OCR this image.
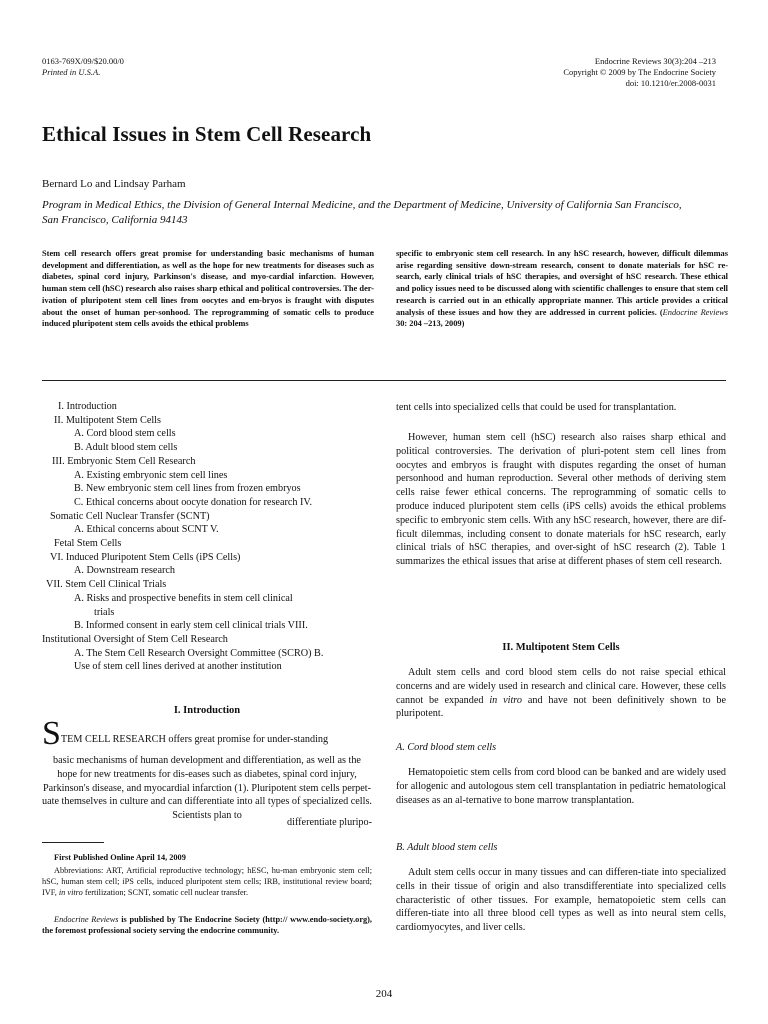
0163-769X/09/$20.00/0
Printed in U.S.A.
Endocrine Reviews 30(3):204 –213
Copyright © 2009 by The Endocrine Society
doi: 10.1210/er.2008-0031
Ethical Issues in Stem Cell Research
Bernard Lo and Lindsay Parham
Program in Medical Ethics, the Division of General Internal Medicine, and the Department of Medicine, University of California San Francisco, San Francisco, California 94143
Stem cell research offers great promise for understanding basic mechanisms of human development and differentiation, as well as the hope for new treatments for diseases such as diabetes, spinal cord injury, Parkinson's disease, and myo-cardial infarction. However, human stem cell (hSC) research also raises sharp ethical and political controversies. The der-ivation of pluripotent stem cell lines from oocytes and em-bryos is fraught with disputes about the onset of human per-sonhood. The reprogramming of somatic cells to produce induced pluripotent stem cells avoids the ethical problems
specific to embryonic stem cell research. In any hSC research, however, difficult dilemmas arise regarding sensitive down-stream research, consent to donate materials for hSC re-search, early clinical trials of hSC therapies, and oversight of hSC research. These ethical and policy issues need to be discussed along with scientific challenges to ensure that stem cell research is carried out in an ethically appropriate manner. This article provides a critical analysis of these issues and how they are addressed in current policies. (Endocrine Reviews 30: 204 –213, 2009)
I. Introduction
II. Multipotent Stem Cells
A. Cord blood stem cells
B. Adult blood stem cells
III. Embryonic Stem Cell Research
A. Existing embryonic stem cell lines
B. New embryonic stem cell lines from frozen embryos
C. Ethical concerns about oocyte donation for research IV.
Somatic Cell Nuclear Transfer (SCNT)
A. Ethical concerns about SCNT V.
Fetal Stem Cells
VI. Induced Pluripotent Stem Cells (iPS Cells)
A. Downstream research
VII. Stem Cell Clinical Trials
A. Risks and prospective benefits in stem cell clinical
trials
B. Informed consent in early stem cell clinical trials VIII.
Institutional Oversight of Stem Cell Research
A. The Stem Cell Research Oversight Committee (SCRO) B.
Use of stem cell lines derived at another institution
I. Introduction
STEM CELL RESEARCH offers great promise for under-standing
basic mechanisms of human development and differentiation, as well as the hope for new treatments for dis-eases such as diabetes, spinal cord injury, Parkinson's disease, and myocardial infarction (1). Pluripotent stem cells perpet-uate themselves in culture and can differentiate into all types of specialized cells. Scientists plan to
differentiate pluripo-
First Published Online April 14, 2009
Abbreviations: ART, Artificial reproductive technology; hESC, hu-man embryonic stem cell; hSC, human stem cell; iPS cells, induced pluripotent stem cells; IRB, institutional review board; IVF, in vitro fertilization; SCNT, somatic cell nuclear transfer.
Endocrine Reviews is published by The Endocrine Society (http:// www.endo-society.org), the foremost professional society serving the endocrine community.
tent cells into specialized cells that could be used for transplantation.
However, human stem cell (hSC) research also raises sharp ethical and political controversies. The derivation of pluri-potent stem cell lines from oocytes and embryos is fraught with disputes regarding the onset of human personhood and human reproduction. Several other methods of deriving stem cells raise fewer ethical concerns. The reprogramming of somatic cells to produce induced pluripotent stem cells (iPS cells) avoids the ethical problems specific to embryonic stem cells. With any hSC research, however, there are dif-ficult dilemmas, including consent to donate materials for hSC research, early clinical trials of hSC therapies, and over-sight of hSC research (2). Table 1 summarizes the ethical issues that arise at different phases of stem cell research.
II. Multipotent Stem Cells
Adult stem cells and cord blood stem cells do not raise special ethical concerns and are widely used in research and clinical care. However, these cells cannot be expanded in vitro and have not been definitively shown to be pluripotent.
A. Cord blood stem cells
Hematopoietic stem cells from cord blood can be banked and are widely used for allogenic and autologous stem cell transplantation in pediatric hematological diseases as an al-ternative to bone marrow transplantation.
B. Adult blood stem cells
Adult stem cells occur in many tissues and can differen-tiate into specialized cells in their tissue of origin and also transdifferentiate into specialized cells characteristic of other tissues. For example, hematopoietic stem cells can differen-tiate into all three blood cell types as well as into neural stem cells, cardiomyocytes, and liver cells.
204
